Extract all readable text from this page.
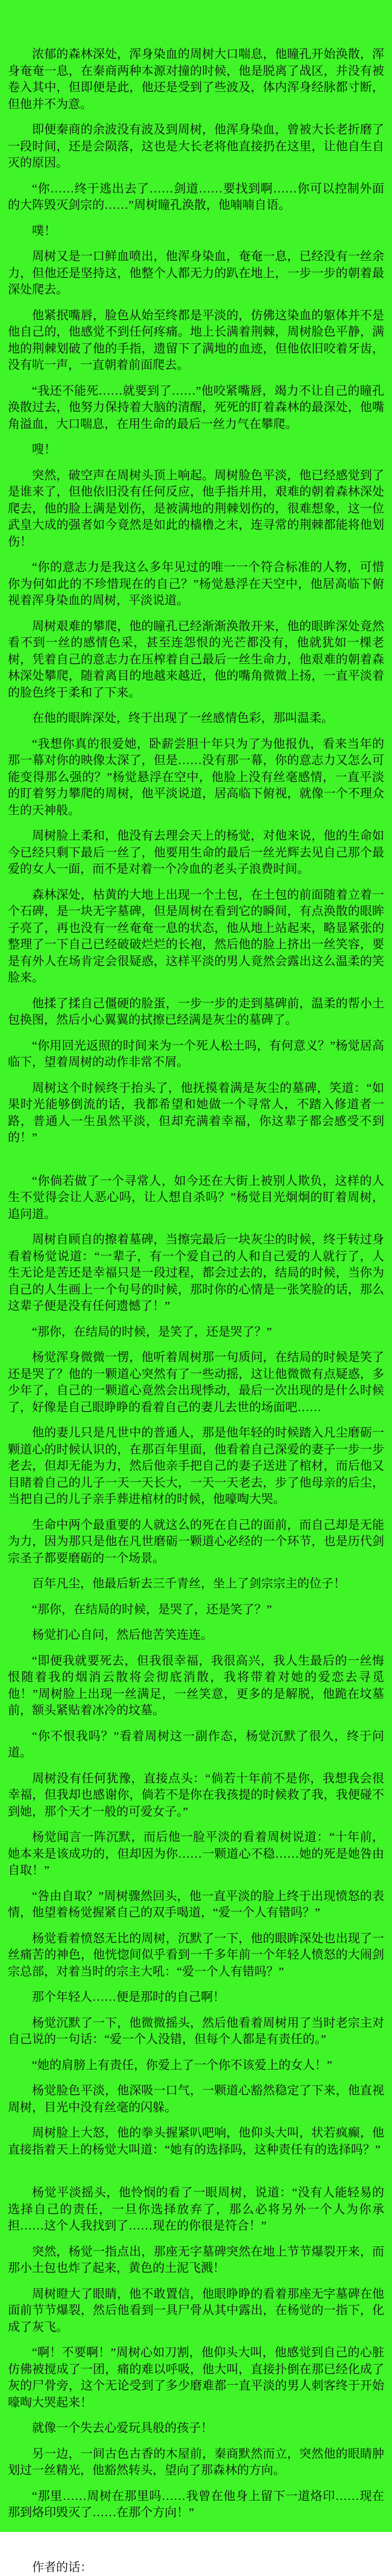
浓郁的森林深处，浑身染血的周树大口喘息，他瞳孔开始涣散，浑身奄奄一息，在秦商两种本源对撞的时候，他是脱离了战区，并没有被卷入其中，但即便是此，他还是受到了些波及，体内浑身经脉都寸断，但他并不为意。

即便秦商的余波没有波及到周树，他浑身染血，曾被大长老折磨了一段时间，还是会陨落，这也是大长老将他直接扔在这里，让他自生自灭的原因。

“你……终于逃出去了……剑道……要找到啊……你可以控制外面的大阵毁灭剑宗的……”周树瞳孔涣散，他喃喃自语。

噗！

周树又是一口鲜血喷出，他浑身染血，奄奄一息，已经没有一丝余力，但他还是坚持这，他整个人都无力的趴在地上，一步一步的朝着最深处爬去。

他紧抿嘴唇，脸色从始至终都是平淡的，仿佛这染血的躯体并不是他自己的，他感觉不到任何疼痛。地上长满着荆棘，周树脸色平静，满地的荆棘划破了他的手指，遗留下了满地的血迹，但他依旧咬着牙齿，没有吭一声，一直朝着前面爬去。

“我还不能死……就要到了……”他咬紧嘴唇，竭力不让自己的瞳孔涣散过去，他努力保持着大脑的清醒，死死的盯着森林的最深处，他嘴角溢血，大口喘息，在用生命的最后一丝力气在攀爬。

嗖！

突然，破空声在周树头顶上响起。周树脸色平淡，他已经感觉到了是谁来了，但他依旧没有任何反应，他手指并用，艰难的朝着森林深处爬去，他的脸上满是划伤，是被满地的荆棘划伤的，很难想象，这一位武皇大成的强者如今竟然是如此的樯橹之末，连寻常的荆棘都能将他划伤！

“你的意志力是我这么多年见过的唯一一个符合标准的人物，可惜你为何如此的不珍惜现在的自己？”杨觉悬浮在天空中，他居高临下俯视着浑身染血的周树，平淡说道。

周树艰难的攀爬，他的瞳孔已经渐渐涣散开来，他的眼眸深处竟然看不到一丝的感情色采，甚至连怨恨的光芒都没有，他就犹如一棵老树，凭着自己的意志力在压榨着自己最后一丝生命力，他艰难的朝着森林深处攀爬，随着离目的地越来越近，他的嘴角微微上扬，一直平淡着的脸色终于柔和了下来。

在他的眼眸深处，终于出现了一丝感情色彩，那叫温柔。

“我想你真的很爱她，卧薪尝胆十年只为了为他报仇，看来当年的那一幕对你的映像太深了，但是……没有那一幕，你的意志力又怎么可能变得那么强的？”杨觉悬浮在空中，他脸上没有丝毫感情，一直平淡的盯着努力攀爬的周树，他平淡说道，居高临下俯视，就像一个不理众生的天神般。

周树脸上柔和，他没有去理会天上的杨觉，对他来说，他的生命如今已经只剩下最后一丝了，他要用生命的最后一丝光辉去见自己那个最爱的女人一面，而不是对着一个冷血的老头子浪费时间。

森林深处，枯黄的大地上出现一个土包，在土包的前面随着立着一个石碑，是一块无字墓碑，但是周树在看到它的瞬间，有点涣散的眼眸子亮了，再也没有一丝奄奄一息的状态，他从地上站起来，略显紧张的整理了一下自己已经破破烂烂的长袍，然后他的脸上挤出一丝笑容，要是有外人在场肯定会很疑惑，这样平淡的男人竟然会露出这么温柔的笑脸来。

他揉了揉自己僵硬的脸蛋，一步一步的走到墓碑前，温柔的帮小土包换图，然后小心翼翼的拭擦已经满是灰尘的墓碑了。

“你用回光返照的时间来为一个死人松土吗，有何意义？”杨觉居高临下，望着周树的动作非常不屑。

周树这个时候终于抬头了，他抚摸着满是灰尘的墓碑，笑道：“如果时光能够倒流的话，我都希望和她做一个寻常人，不踏入修道者一路，普通人一生虽然平淡，但却充满着幸福，你这辈子都会感受不到的！”

“你倘若做了一个寻常人，如今还在大街上被别人欺负，这样的人生不觉得会让人恶心吗，让人想自杀吗？”杨觉目光炯炯的盯着周树，追问道。

周树自顾自的擦着墓碑，当擦完最后一块灰尘的时候，终于转过身看着杨觉说道：“一辈子，有一个爱自己的人和自己爱的人就行了，人生无论是苦还是幸福只是一段过程，都会过去的，结局的时候，当你为自己的人生画上一个句号的时候，那时你的心情是一张笑脸的话，那么这辈子便是没有任何遗憾了！”

“那你，在结局的时候，是笑了，还是哭了？”

杨觉浑身微微一愣，他听着周树那一句质问，在结局的时候是笑了还是哭了？他的一颗道心突然有了一些动摇，这让他微微有点疑惑，多少年了，自己的一颗道心竟然会出现悸动，最后一次出现的是什么时候了，好像是自己眼睁睁的看着自己的妻儿去世的场面吧……

他的妻儿只是凡世中的普通人，那是他年轻的时候踏入凡尘磨砺一颗道心的时候认识的，在那百年里面，他看着自己深爱的妻子一步一步老去，但却无能为力，然后他亲手把自己的妻子送进了棺材，而后他又目睹着自己的儿子一天一天长大，一天一天老去，步了他母亲的后尘，当把自己的儿子亲手葬进棺材的时候，他嚎啕大哭。

生命中两个最重要的人就这么的死在自己的面前，而自己却是无能为力，因为那只是他在凡世磨砺一颗道心必经的一个环节，也是历代剑宗圣子都要磨砺的一个场景。

百年凡尘，他最后斩去三千青丝，坐上了剑宗宗主的位子！

“那你，在结局的时候，是哭了，还是笑了？”

杨觉扪心自问，然后他苦笑连连。

“即便我就要死去，但我很幸福，我很高兴，我人生最后的一丝悔恨随着我的烟消云散将会彻底消散，我将带着对她的爱恋去寻觅他！”周树脸上出现一丝满足，一丝笑意，更多的是解脱，他跪在坟墓前，额头紧贴着冰冷的坟墓。

“你不恨我吗？”看着周树这一副作态，杨觉沉默了很久，终于问道。

周树没有任何犹豫，直接点头：“倘若十年前不是你，我想我会很幸福，但我却也感谢你，倘若不是你在我孩提的时候救了我，我便碰不到她，那个天才一般的可爱女子。”

杨觉闻言一阵沉默，而后他一脸平淡的看着周树说道：“十年前，她本来是该成功的，但却因为你……一颗道心不稳……她的死是她咎由自取！”

“咎由自取？”周树骤然回头，他一直平淡的脸上终于出现愤怒的表情，他望着杨觉握紧自己的双手喝道，“爱一个人有错吗？”

杨觉看着愤怒无比的周树，沉默了一下，他的眼眸深处也出现了一丝痛苦的神色，他恍惚间似乎看到一千多年前一个年轻人愤怒的大闹剑宗总部，对着当时的宗主大吼：“爱一个人有错吗？”

那个年轻人……便是那时的自己啊！

杨觉沉默了一下，他微微摇头，然后他看着周树用了当时老宗主对自己说的一句话：“爱一个人没错，但每个人都是有责任的。”

“她的肩膀上有责任，你爱上了一个你不该爱上的女人！”

杨觉脸色平淡，他深吸一口气，一颗道心豁然稳定了下来，他直视周树，目光中没有丝毫的闪躲。

周树脸上大怒，他的拳头握紧叭吧响，他仰头大叫，状若疯癫，他直接指着天上的杨觉大叫道：“她有的选择吗，这种责任有的选择吗？”

杨觉平淡摇头，他怜悯的看了一眼周树，说道：“没有人能轻易的选择自己的责任，一旦你选择放弃了，那么必将另外一个人为你承担……这个人我找到了……现在的你很是符合！”

突然，杨觉一指点出，那座无字墓碑突然在地上节节爆裂开来，而那小土包也炸了起来，黄色的土泥飞溅！

周树瞪大了眼睛，他不敢置信，他眼睁睁的看着那座无字墓碑在他面前节节爆裂，然后他看到一具尸骨从其中露出，在杨觉的一指下，化成了灰飞。

“啊！不要啊！”周树心如刀割，他仰头大叫，他感觉到自己的心脏仿佛被搅成了一团，痛的难以呼吸，他大叫，直接扑倒在那已经化成了灰的尸骨旁，这个无论受到了多少磨难都一直平淡的男人刺客终于开始嚎啕大哭起来！

就像一个失去心爱玩具般的孩子！

另一边，一间古色古香的木屋前，秦商默然而立，突然他的眼睛肿划过一丝精光，他豁然转头，望向了那森林的方向。

“那里……周树在那里吗……我曾在他身上留下一道烙印……现在那到烙印毁灭了……在那个方向！”

作者的话：
